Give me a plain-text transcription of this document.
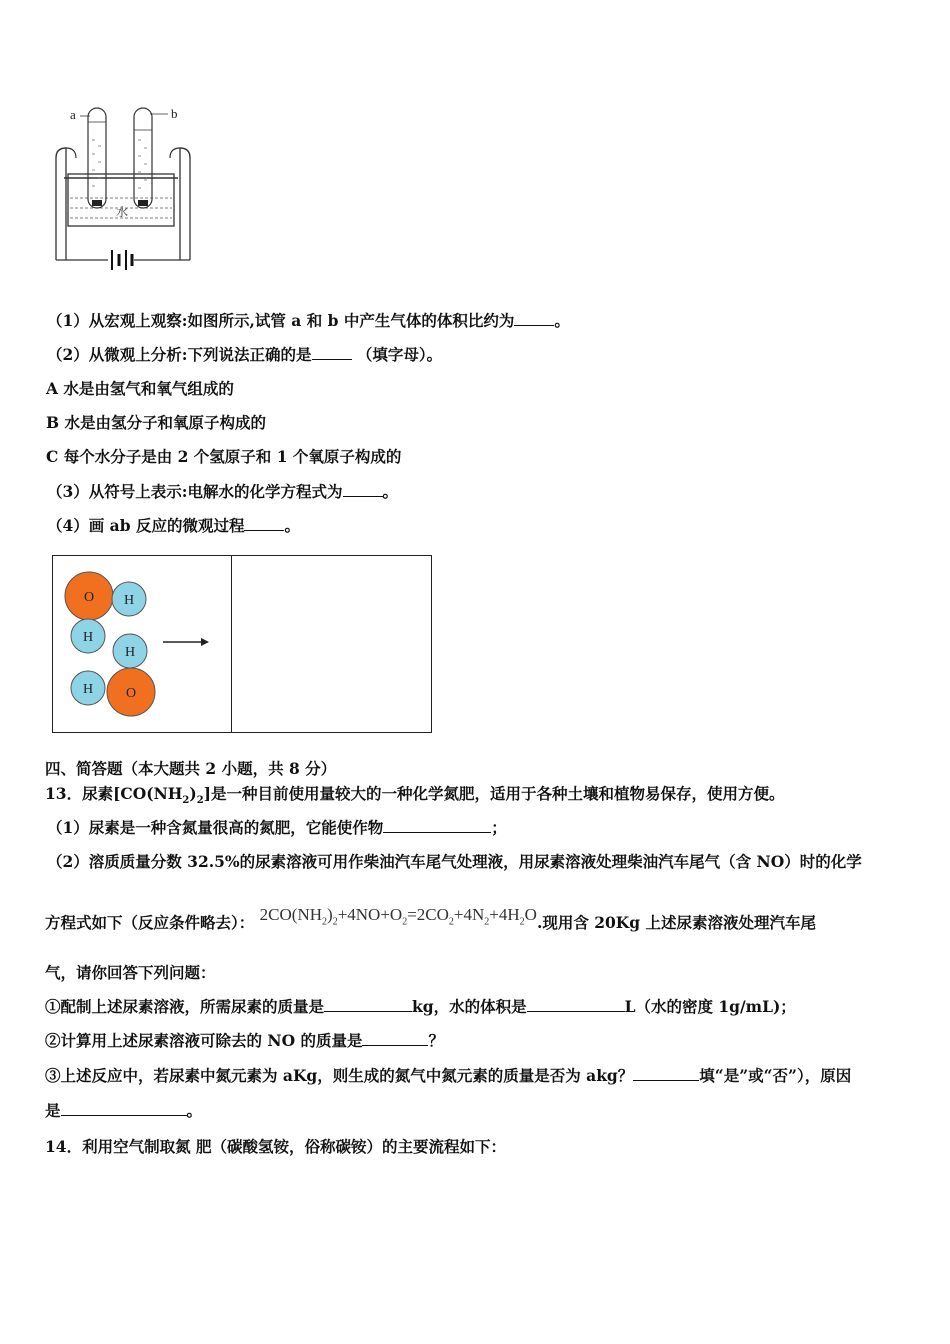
水
a	b
（1）从宏观上观察:如图所示,试管 a 和 b 中产生气体的体积比约为	。
（2）从微观上分析:下列说法正确的是	（填字母）。
A 水是由氢气和氧气组成的
B 水是由氢分子和氧原子构成的
C 每个水分子是由 2 个氢原子和 1 个氧原子构成的
（3）从符号上表示:电解水的化学方程式为	。
（4）画 ab 反应的微观过程	。
O H
H
H
H O
四、简答题（本大题共 2 小题，共 8 分）
13．尿素$[CO(NH_2)_2]$是一种目前使用量较大的一种化学氮肥，适用于各种土壤和植物易保存，使用方便。
（1）尿素是一种含氮量很高的氮肥，它能使作物	；
（2）溶质质量分数 32.5%的尿素溶液可用作柴油汽车尾气处理液，用尿素溶液处理柴油汽车尾气（含 NO）时的化学
方程式如下（反应条件略去）： $2CO(NH_2)_2+4NO+O_2=2CO_2+4N_2+4H_2O$.现用含 20Kg 上述尿素溶液处理汽车尾
气，请你回答下列问题：
①配制上述尿素溶液，所需尿素的质量是	kg，水的体积是	L（水的密度 1g/mL)；
②计算用上述尿素溶液可除去的 NO 的质量是	？
③上述反应中，若尿素中氮元素为 aKg，则生成的氮气中氮元素的质量是否为 akg？	填“是”或“否”），原因
是	。
14．利用空气制取氮 肥（碳酸氢铵，俗称碳铵）的主要流程如下：
